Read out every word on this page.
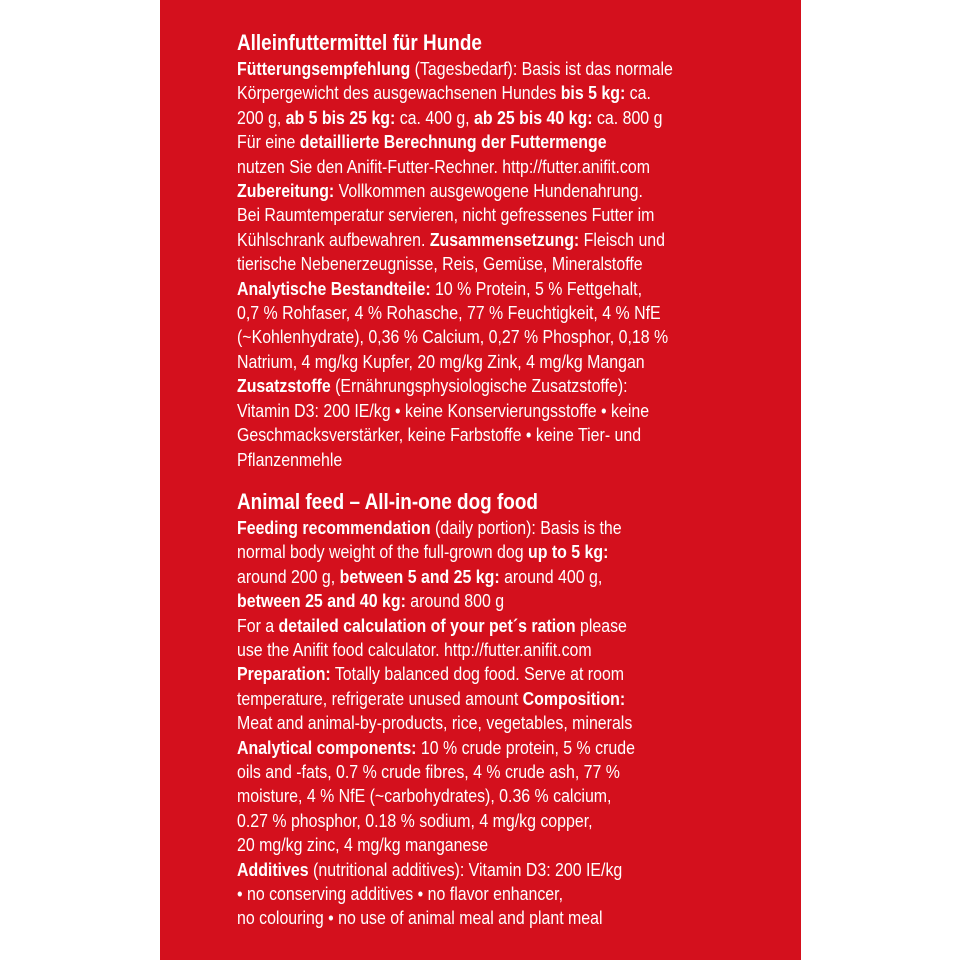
Alleinfuttermittel für Hunde
Fütterungsempfehlung (Tagesbedarf): Basis ist das normale
Körpergewicht des ausgewachsenen Hundes bis 5 kg: ca.
200 g, ab 5 bis 25 kg: ca. 400 g, ab 25 bis 40 kg: ca. 800 g
Für eine detaillierte Berechnung der Futtermenge
nutzen Sie den Anifit-Futter-Rechner. http://futter.anifit.com
Zubereitung: Vollkommen ausgewogene Hundenahrung.
Bei Raumtemperatur servieren, nicht gefressenes Futter im
Kühlschrank aufbewahren. Zusammensetzung: Fleisch und
tierische Nebenerzeugnisse, Reis, Gemüse, Mineralstoffe
Analytische Bestandteile: 10 % Protein, 5 % Fettgehalt,
0,7 % Rohfaser, 4 % Rohasche, 77 % Feuchtigkeit, 4 % NfE
(~Kohlenhydrate), 0,36 % Calcium, 0,27 % Phosphor, 0,18 %
Natrium, 4 mg/kg Kupfer, 20 mg/kg Zink, 4 mg/kg Mangan
Zusatzstoffe (Ernährungsphysiologische Zusatzstoffe):
Vitamin D3: 200 IE/kg • keine Konservierungsstoffe • keine
Geschmacksverstärker, keine Farbstoffe • keine Tier- und
Pflanzenmehle
Animal feed – All-in-one dog food
Feeding recommendation (daily portion): Basis is the
normal body weight of the full-grown dog up to 5 kg:
around 200 g, between 5 and 25 kg: around 400 g,
between 25 and 40 kg: around 800 g
For a detailed calculation of your pet´s ration please
use the Anifit food calculator. http://futter.anifit.com
Preparation: Totally balanced dog food. Serve at room
temperature, refrigerate unused amount Composition:
Meat and animal-by-products, rice, vegetables, minerals
Analytical components: 10 % crude protein, 5 % crude
oils and -fats, 0.7 % crude fibres, 4 % crude ash, 77 %
moisture, 4 % NfE (~carbohydrates), 0.36 % calcium,
0.27 % phosphor, 0.18 % sodium, 4 mg/kg copper,
20 mg/kg zinc, 4 mg/kg manganese
Additives (nutritional additives): Vitamin D3: 200 IE/kg
• no conserving additives • no flavor enhancer,
no colouring • no use of animal meal and plant meal
